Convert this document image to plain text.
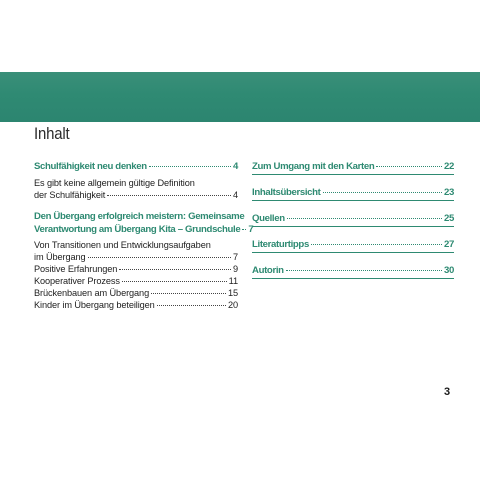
Inhalt
Schulfähigkeit neu denken	4
Es gibt keine allgemein gültige Definition
der Schulfähigkeit	4
Den Übergang erfolgreich meistern: Gemeinsame
Verantwortung am Übergang Kita – Grundschule 7
Von Transitionen und Entwicklungsaufgaben
im Übergang	7
Positive Erfahrungen	9
Kooperativer Prozess	11
Brückenbauen am Übergang	15
Kinder im Übergang beteiligen	20
Zum Umgang mit den Karten	22
Inhaltsübersicht	23
Quellen	25
Literaturtipps	27
Autorin	30
3
